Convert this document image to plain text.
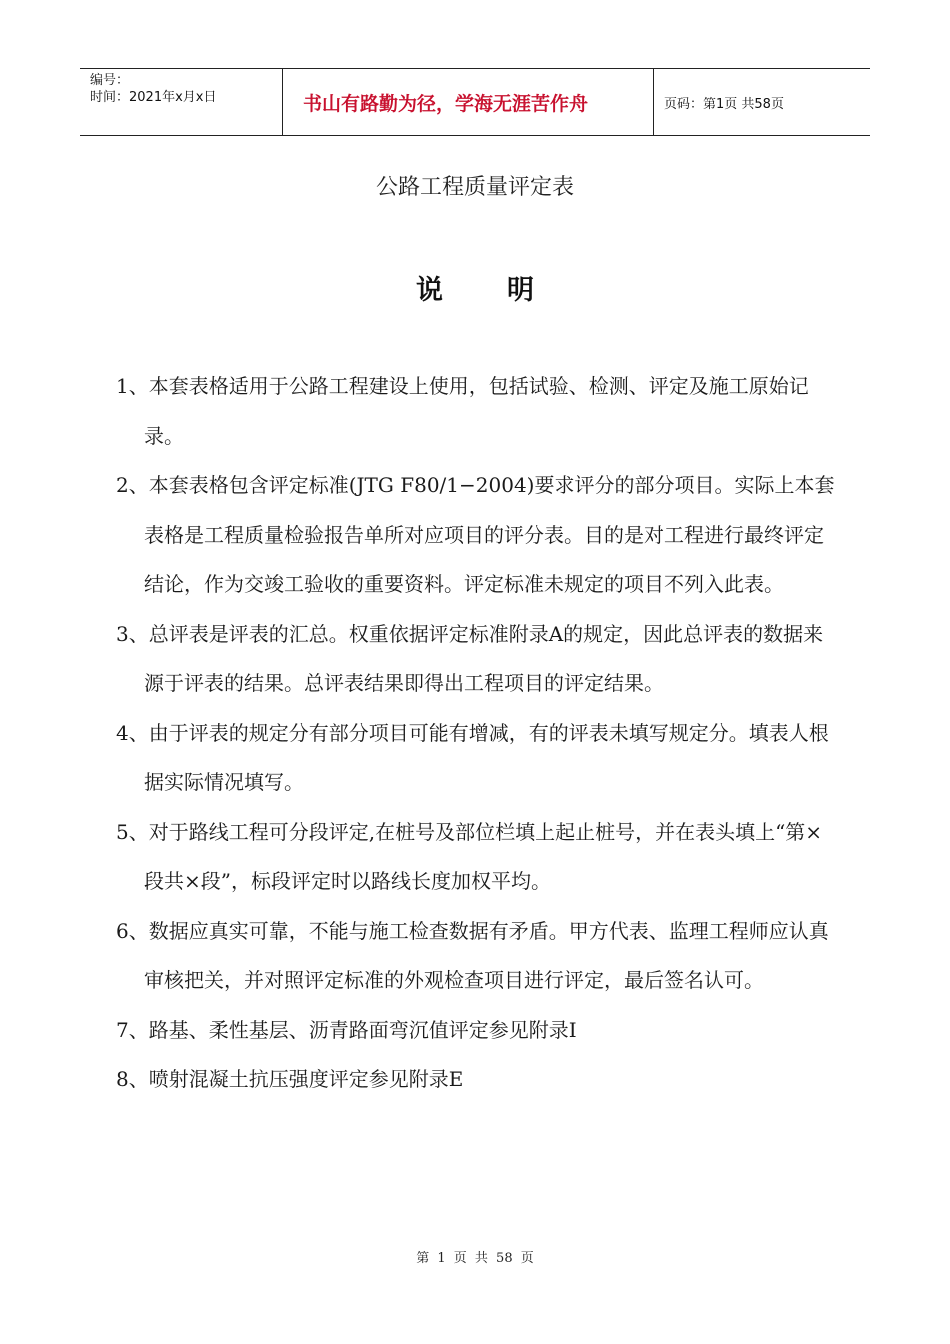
编号：
时间：2021年x月x日	书山有路勤为径，学海无涯苦作舟	页码：第1页 共58页
公路工程质量评定表
说明

1、本套表格适用于公路工程建设上使用，包括试验、检测、评定及施工原始记录。

2、本套表格包含评定标准(JTG F80/1−2004)要求评分的部分项目。实际上本套表格是工程质量检验报告单所对应项目的评分表。目的是对工程进行最终评定结论，作为交竣工验收的重要资料。评定标准未规定的项目不列入此表。

3、总评表是评表的汇总。权重依据评定标准附录A的规定，因此总评表的数据来源于评表的结果。总评表结果即得出工程项目的评定结果。

4、由于评表的规定分有部分项目可能有增减，有的评表未填写规定分。填表人根据实际情况填写。

5、对于路线工程可分段评定,在桩号及部位栏填上起止桩号，并在表头填上“第×段共×段”，标段评定时以路线长度加权平均。

6、数据应真实可靠，不能与施工检查数据有矛盾。甲方代表、监理工程师应认真审核把关，并对照评定标准的外观检查项目进行评定，最后签名认可。

7、路基、柔性基层、沥青路面弯沉值评定参见附录I

8、喷射混凝土抗压强度评定参见附录E

第 1 页 共 58 页
